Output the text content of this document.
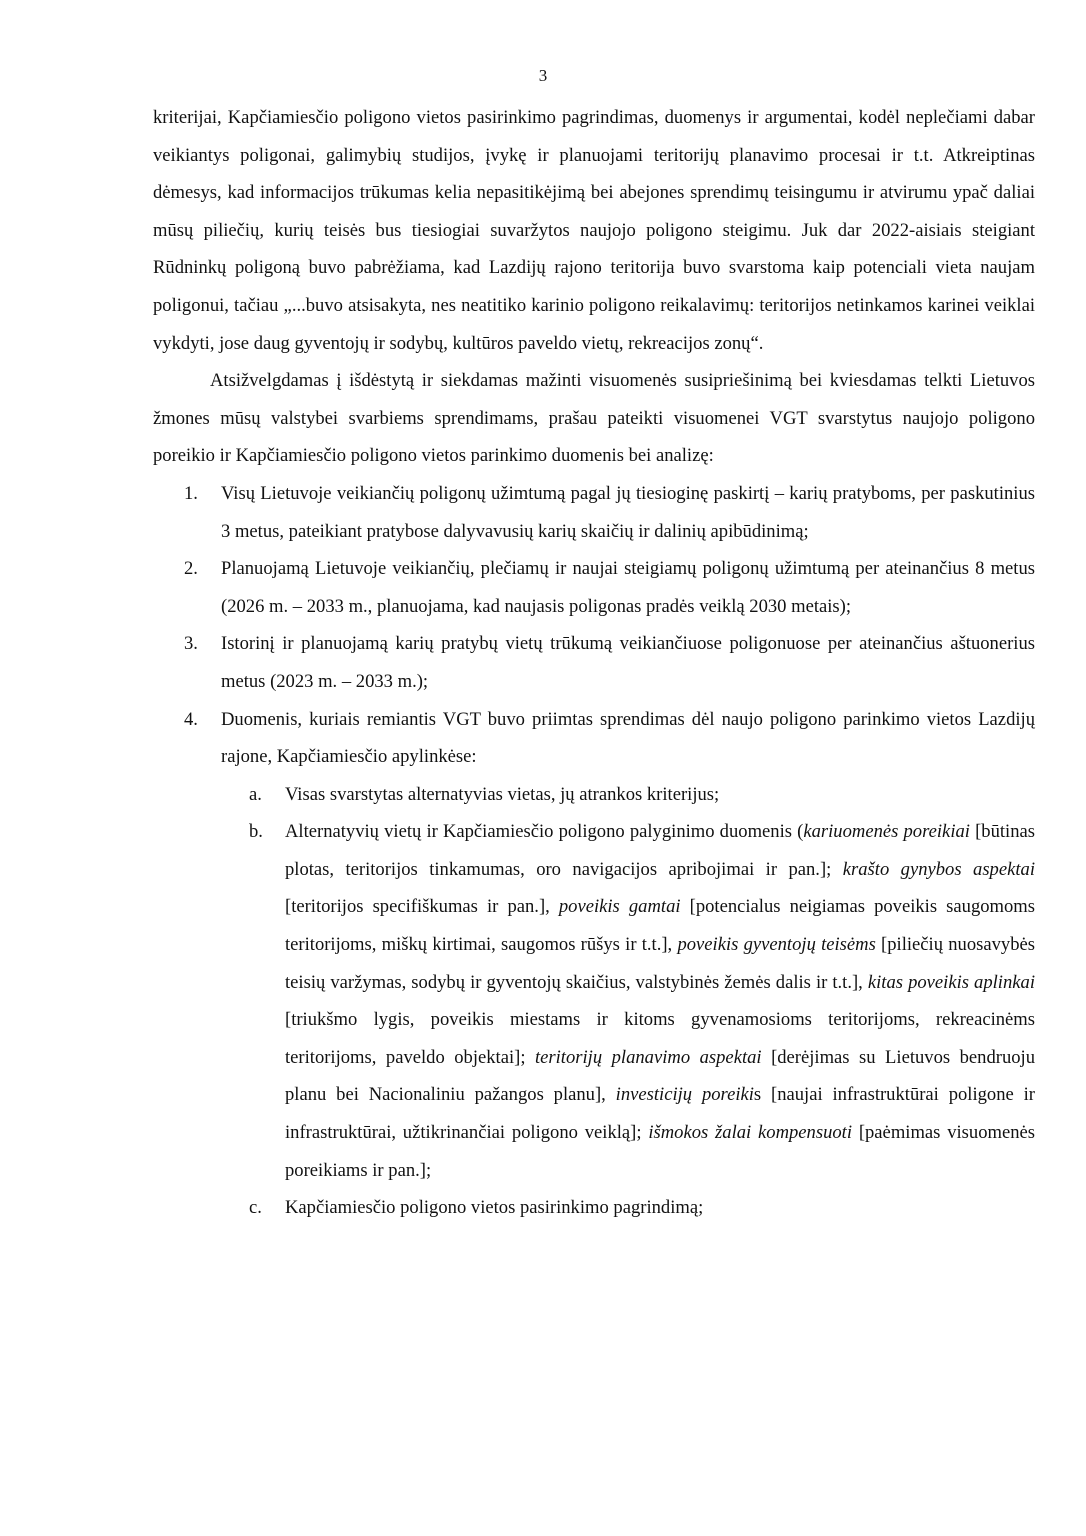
3

kriterijai, Kapčiamiesčio poligono vietos pasirinkimo pagrindimas, duomenys ir argumentai, kodėl neplečiami dabar veikiantys poligonai, galimybių studijos, įvykę ir planuojami teritorijų planavimo procesai ir t.t. Atkreiptinas dėmesys, kad informacijos trūkumas kelia nepasitikėjimą bei abejones sprendimų teisingumu ir atvirumu ypač daliai mūsų piliečių, kurių teisės bus tiesiogiai suvaržytos naujojo poligono steigimu. Juk dar 2022-aisiais steigiant Rūdninkų poligoną buvo pabrėžiama, kad Lazdijų rajono teritorija buvo svarstoma kaip potenciali vieta naujam poligonui, tačiau „...buvo atsisakyta, nes neatitiko karinio poligono reikalavimų: teritorijos netinkamos karinei veiklai vykdyti, jose daug gyventojų ir sodybų, kultūros paveldo vietų, rekreacijos zonų“.

Atsižvelgdamas į išdėstytą ir siekdamas mažinti visuomenės susipriešinimą bei kviesdamas telkti Lietuvos žmones mūsų valstybei svarbiems sprendimams, prašau pateikti visuomenei VGT svarstytus naujojo poligono poreikio ir Kapčiamiesčio poligono vietos parinkimo duomenis bei analizę:

1. Visų Lietuvoje veikiančių poligonų užimtumą pagal jų tiesioginę paskirtį – karių pratyboms, per paskutinius 3 metus, pateikiant pratybose dalyvavusių karių skaičių ir dalinių apibūdinimą;
2. Planuojamą Lietuvoje veikiančių, plečiamų ir naujai steigiamų poligonų užimtumą per ateinančius 8 metus (2026 m. – 2033 m., planuojama, kad naujasis poligonas pradės veiklą 2030 metais);
3. Istorinį ir planuojamą karių pratybų vietų trūkumą veikiančiuose poligonuose per ateinančius aštuonerius metus (2023 m. – 2033 m.);
4. Duomenis, kuriais remiantis VGT buvo priimtas sprendimas dėl naujo poligono parinkimo vietos Lazdijų rajone, Kapčiamiesčio apylinkėse:
a. Visas svarstytas alternatyvias vietas, jų atrankos kriterijus;
b. Alternatyvių vietų ir Kapčiamiesčio poligono palyginimo duomenis (kariuomenės poreikiai [būtinas plotas, teritorijos tinkamumas, oro navigacijos apribojimai ir pan.]; krašto gynybos aspektai [teritorijos specifiškumas ir pan.], poveikis gamtai [potencialus neigiamas poveikis saugomoms teritorijoms, miškų kirtimai, saugomos rūšys ir t.t.], poveikis gyventojų teisėms [piliečių nuosavybės teisių varžymas, sodybų ir gyventojų skaičius, valstybinės žemės dalis ir t.t.], kitas poveikis aplinkai [triukšmo lygis, poveikis miestams ir kitoms gyvenamosioms teritorijoms, rekreacinėms teritorijoms, paveldo objektai]; teritorijų planavimo aspektai [derėjimas su Lietuvos bendruoju planu bei Nacionaliniu pažangos planu], investicijų poreikis [naujai infrastruktūrai poligone ir infrastruktūrai, užtikrinančiai poligono veiklą]; išmokos žalai kompensuoti [paėmimas visuomenės poreikiams ir pan.];
c. Kapčiamiesčio poligono vietos pasirinkimo pagrindimą;
